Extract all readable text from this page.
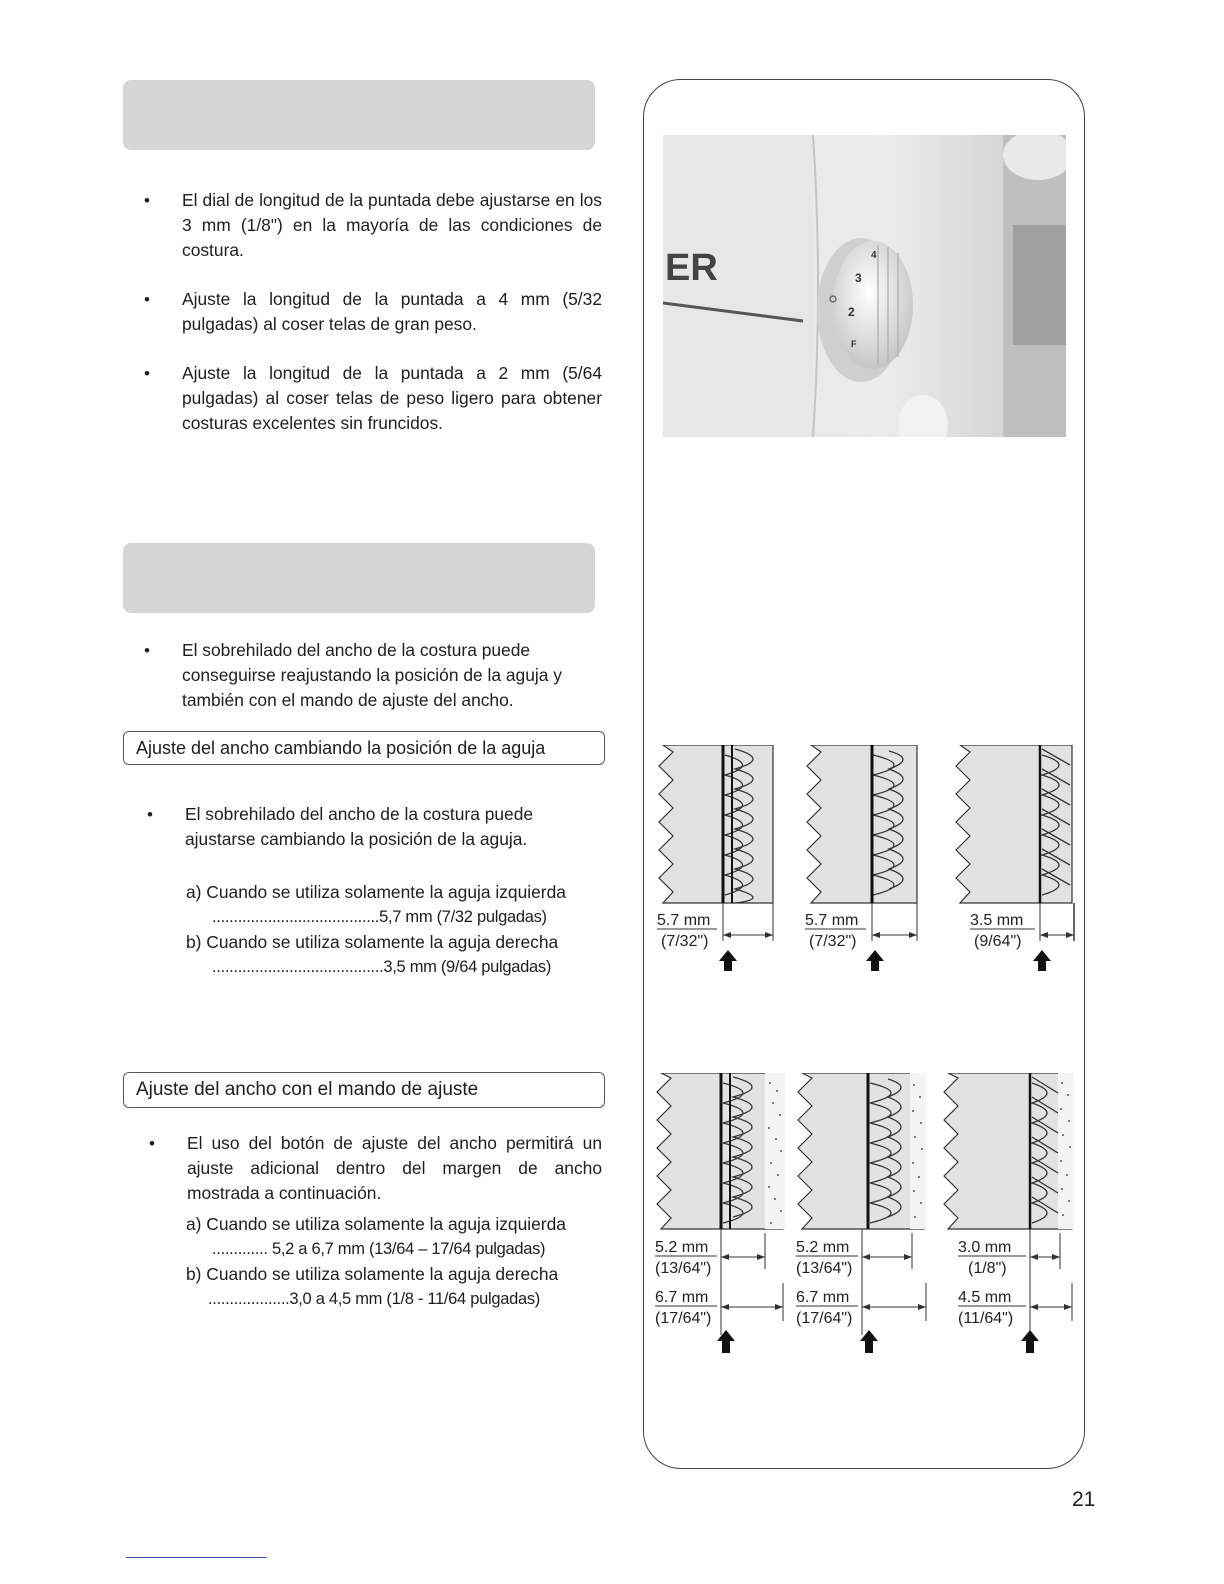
• El dial de longitud de la puntada debe ajustarse en los 3 mm (1/8") en la mayoría de las condiciones de costura.
• Ajuste la longitud de la puntada a 4 mm (5/32 pulgadas) al coser telas de gran peso.
• Ajuste la longitud de la puntada a 2 mm (5/64 pulgadas) al coser telas de peso ligero para obtener costuras excelentes sin fruncidos.
• El sobrehilado del ancho de la costura puede conseguirse reajustando la posición de la aguja y también con el mando de ajuste del ancho.
Ajuste del ancho cambiando la posición de la aguja
• El sobrehilado del ancho de la costura puede ajustarse cambiando la posición de la aguja.
a) Cuando se utiliza solamente la aguja izquierda
.......................................5,7 mm (7/32 pulgadas)
b) Cuando se utiliza solamente la aguja derecha
........................................3,5 mm (9/64 pulgadas)
Ajuste del ancho con el mando de ajuste
• El uso del botón de ajuste del ancho permitirá un ajuste adicional dentro del margen de ancho mostrada a continuación.
a) Cuando se utiliza solamente la aguja izquierda
............. 5,2 a 6,7 mm (13/64 – 17/64 pulgadas)
b) Cuando se utiliza solamente la aguja derecha
...................3,0 a 4,5 mm (1/8 - 11/64 pulgadas)
4
3
2
F
ER
5.7 mm
(7/32")
5.7 mm
(7/32")
3.5 mm
(9/64")
5.2 mm
(13/64")
6.7 mm
(17/64")
5.2 mm
(13/64")
6.7 mm
(17/64")
3.0 mm
(1/8")
4.5 mm
(11/64")
21
